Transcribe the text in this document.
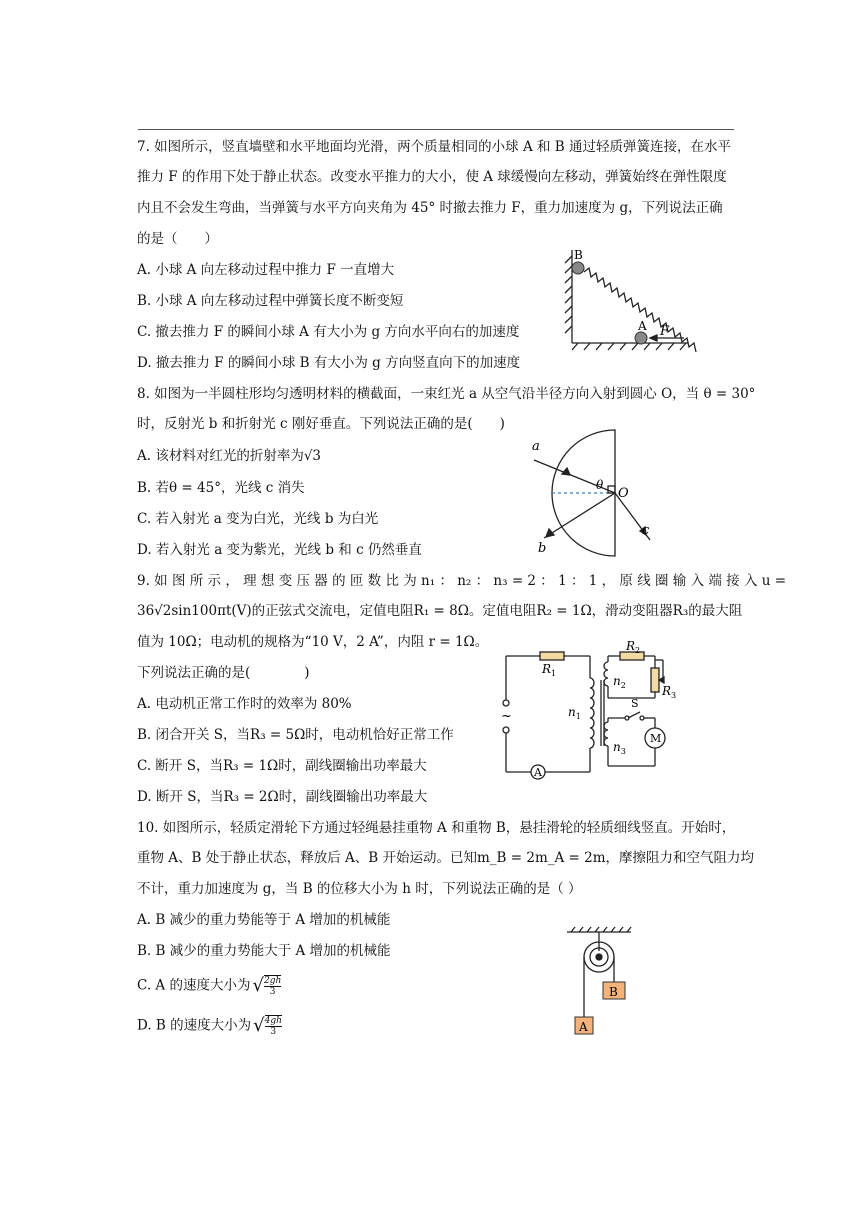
7. 如图所示，竖直墙壁和水平地面均光滑，两个质量相同的小球 A 和 B 通过轻质弹簧连接，在水平
推力 F 的作用下处于静止状态。改变水平推力的大小，使 A 球缓慢向左移动，弹簧始终在弹性限度
内且不会发生弯曲，当弹簧与水平方向夹角为 45° 时撤去推力 F，重力加速度为 g，下列说法正确
的是（　　）
A. 小球 A 向左移动过程中推力 F 一直增大
B. 小球 A 向左移动过程中弹簧长度不断变短
C. 撤去推力 F 的瞬间小球 A 有大小为 g 方向水平向右的加速度
D. 撤去推力 F 的瞬间小球 B 有大小为 g 方向竖直向下的加速度
B
A F
8. 如图为一半圆柱形均匀透明材料的横截面，一束红光 a 从空气沿半径方向入射到圆心 O，当 θ = 30°
时，反射光 b 和折射光 c 刚好垂直。下列说法正确的是(　　)
A. 该材料对红光的折射率为√3
B. 若θ = 45°，光线 c 消失
C. 若入射光 a 变为白光，光线 b 为白光
D. 若入射光 a 变为紫光，光线 b 和 c 仍然垂直
a
b
c
O
θ
9. 如 图 所 示 ， 理 想 变 压 器 的 匝 数 比 为 n₁ ： n₂ ： n₃ = 2 ： 1 ： 1 ， 原 线 圈 输 入 端 接 入 u =
36√2sin100πt(V)的正弦式交流电，定值电阻R₁ = 8Ω。定值电阻R₂ = 1Ω，滑动变阻器R₃的最大阻
值为 10Ω；电动机的规格为“10 V，2 A”，内阻 r = 1Ω。
下列说法正确的是(　　　　)
A. 电动机正常工作时的效率为 80%
B. 闭合开关 S，当R₃ = 5Ω时，电动机恰好正常工作
C. 断开 S，当R₃ = 1Ω时，副线圈输出功率最大
D. 断开 S，当R₃ = 2Ω时，副线圈输出功率最大
A
M
~
S
$R_1$
$R_2$
$R_3$
$n_1$
$n_2$
$n_3$
10. 如图所示，轻质定滑轮下方通过轻绳悬挂重物 A 和重物 B，悬挂滑轮的轻质细线竖直。开始时，
重物 A、B 处于静止状态，释放后 A、B 开始运动。已知m_B = 2m_A = 2m，摩擦阻力和空气阻力均
不计，重力加速度为 g，当 B 的位移大小为 h 时，下列说法正确的是（ ）
A. B 减少的重力势能等于 A 增加的机械能
B. B 减少的重力势能大于 A 增加的机械能
C. A 的速度大小为 √ $\frac{2gh}{3}$
D. B 的速度大小为 √ $\frac{4gh}{3}$
B
A
